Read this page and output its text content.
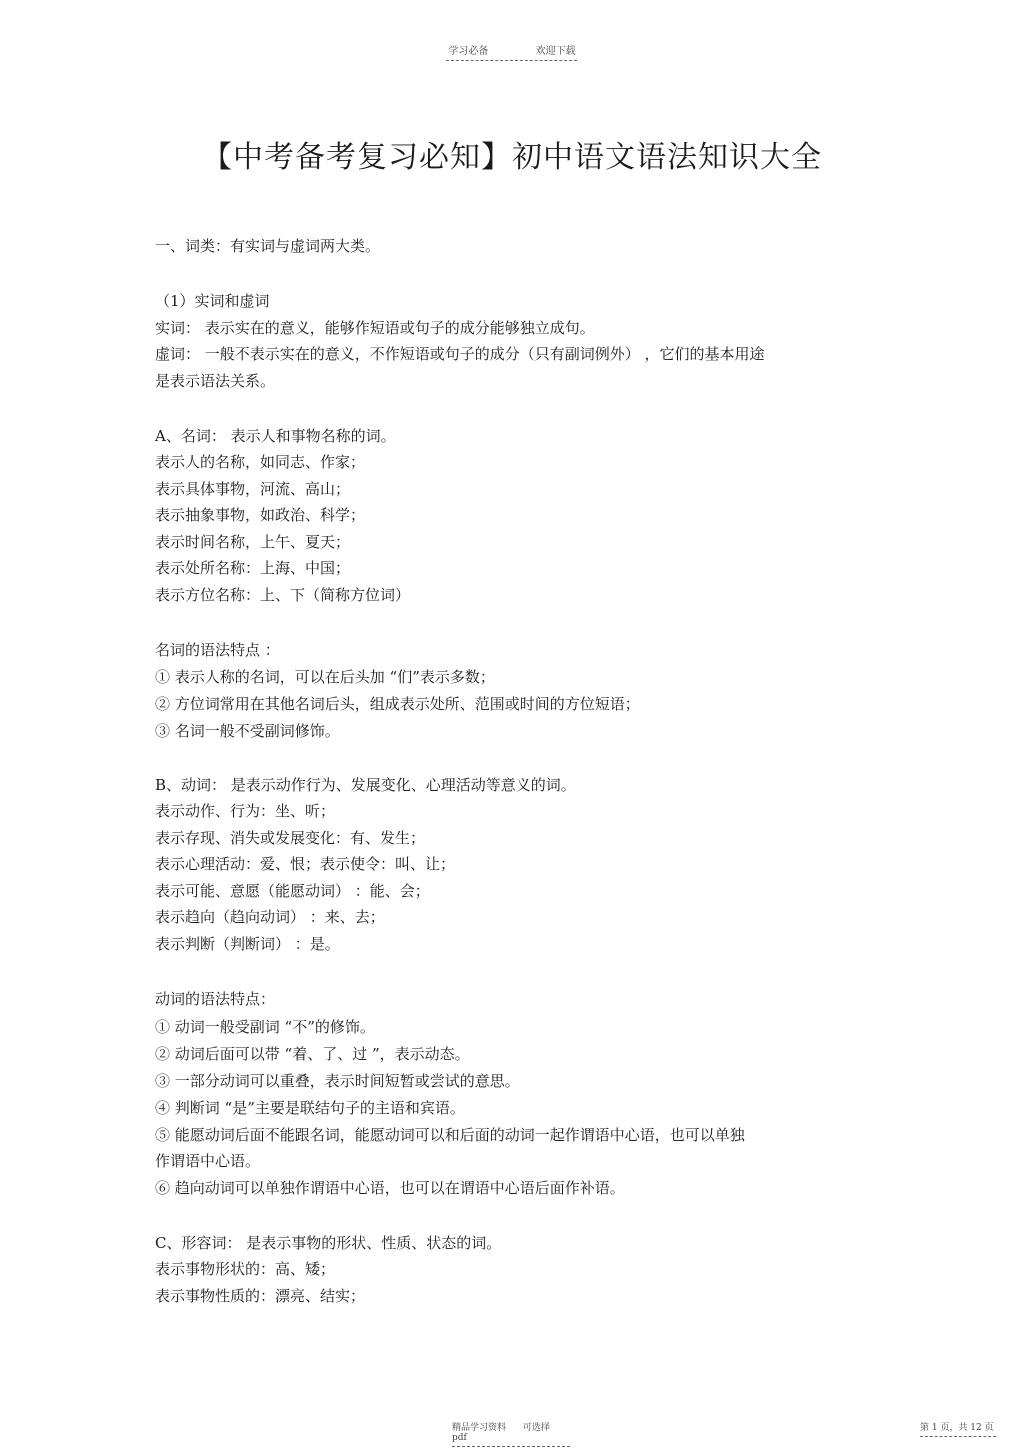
学习必备	欢迎下载
【中考备考复习必知】初中语文语法知识大全
一、词类：有实词与虚词两大类。
（1）实词和虚词
实词： 表示实在的意义，能够作短语或句子的成分能够独立成句。
虚词： 一般不表示实在的意义，不作短语或句子的成分（只有副词例外） ，它们的基本用途
是表示语法关系。
A、名词： 表示人和事物名称的词。
表示人的名称，如同志、作家；
表示具体事物，河流、高山；
表示抽象事物，如政治、科学；
表示时间名称，上午、夏天；
表示处所名称：上海、中国；
表示方位名称：上、下（简称方位词）
名词的语法特点 ：
① 表示人称的名词，可以在后头加 “们”表示多数；
② 方位词常用在其他名词后头，组成表示处所、范围或时间的方位短语；
③ 名词一般不受副词修饰。
B、动词： 是表示动作行为、发展变化、心理活动等意义的词。
表示动作、行为：坐、听；
表示存现、消失或发展变化：有、发生；
表示心理活动：爱、恨；表示使令：叫、让；
表示可能、意愿（能愿动词） ：能、会；
表示趋向（趋向动词） ：来、去；
表示判断（判断词） ：是。
动词的语法特点：
① 动词一般受副词 “不”的修饰。
② 动词后面可以带 “着、了、过 ”，表示动态。
③ 一部分动词可以重叠，表示时间短暂或尝试的意思。
④ 判断词 “是”主要是联结句子的主语和宾语。
⑤ 能愿动词后面不能跟名词，能愿动词可以和后面的动词一起作谓语中心语，也可以单独
作谓语中心语。
⑥ 趋向动词可以单独作谓语中心语，也可以在谓语中心语后面作补语。
C、形容词： 是表示事物的形状、性质、状态的词。
表示事物形状的：高、矮；
表示事物性质的：漂亮、结实；
精品学习资料 可选择pdf
第 1 页，共 12 页
